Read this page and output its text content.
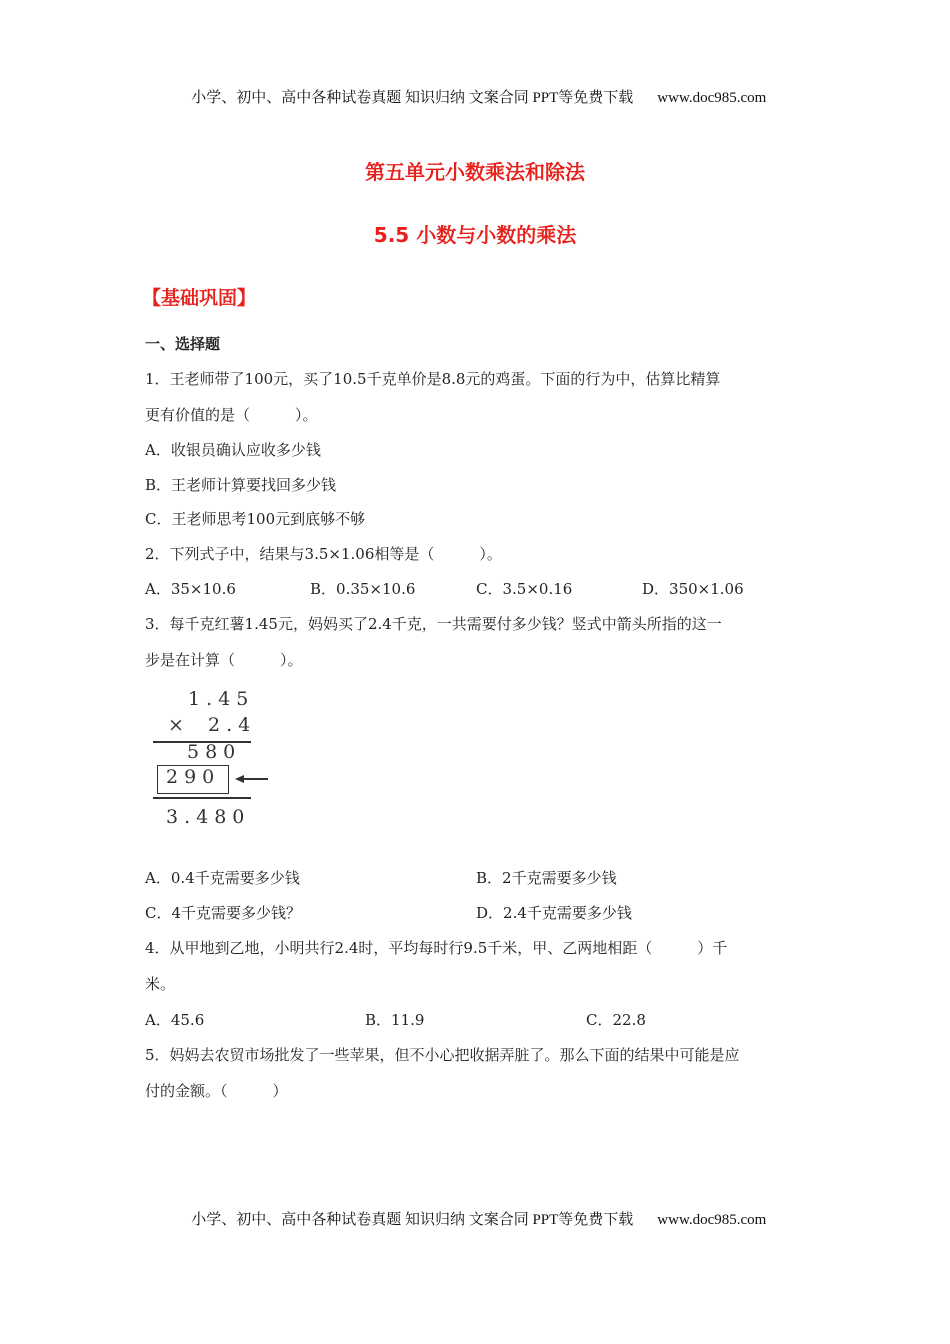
小学、初中、高中各种试卷真题 知识归纳 文案合同 PPT等免费下载 www.doc985.com

第五单元小数乘法和除法
5.5 小数与小数的乘法
【基础巩固】
一、选择题
1．王老师带了100元，买了10.5千克单价是8.8元的鸡蛋。下面的行为中，估算比精算
更有价值的是（　　　）。
A．收银员确认应收多少钱
B．王老师计算要找回多少钱
C．王老师思考100元到底够不够
2．下列式子中，结果与3.5×1.06相等是（　　　）。
A．35×10.6	B．0.35×10.6	C．3.5×0.16	D．350×1.06
3．每千克红薯1.45元，妈妈买了2.4千克，一共需要付多少钱？竖式中箭头所指的这一
步是在计算（　　　）。
1.45
× 2.4
580
290
3.480
A．0.4千克需要多少钱	B．2千克需要多少钱
C．4千克需要多少钱？	D．2.4千克需要多少钱
4．从甲地到乙地，小明共行2.4时，平均每时行9.5千米，甲、乙两地相距（　　　）千
米。
A．45.6	B．11.9	C．22.8
5．妈妈去农贸市场批发了一些苹果，但不小心把收据弄脏了。那么下面的结果中可能是应
付的金额。（　　　）

小学、初中、高中各种试卷真题 知识归纳 文案合同 PPT等免费下载 www.doc985.com
